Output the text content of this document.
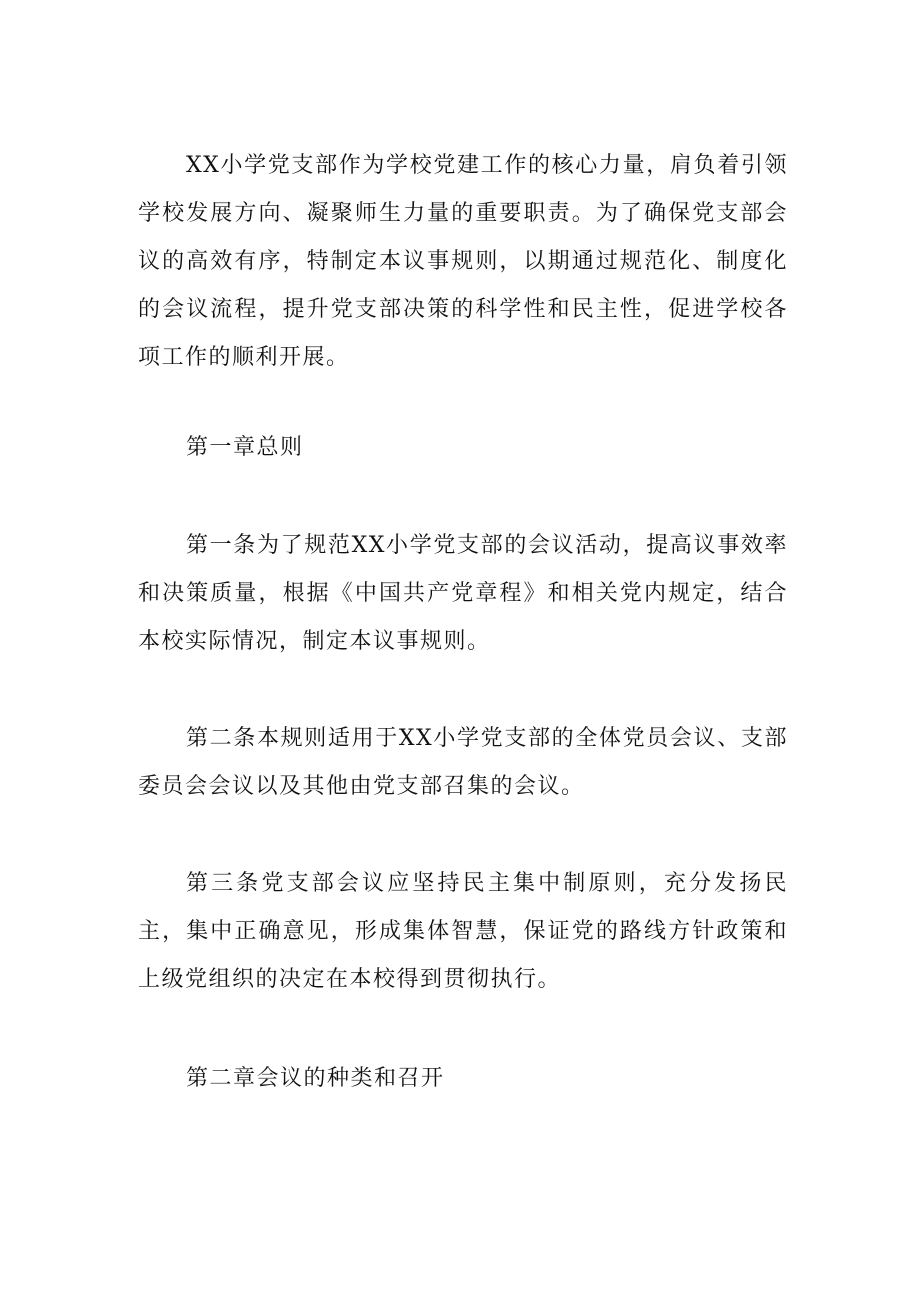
XX小学党支部作为学校党建工作的核心力量，肩负着引领学校发展方向、凝聚师生力量的重要职责。为了确保党支部会议的高效有序，特制定本议事规则，以期通过规范化、制度化的会议流程，提升党支部决策的科学性和民主性，促进学校各项工作的顺利开展。

第一章总则

第一条为了规范XX小学党支部的会议活动，提高议事效率和决策质量，根据《中国共产党章程》和相关党内规定，结合本校实际情况，制定本议事规则。

第二条本规则适用于XX小学党支部的全体党员会议、支部委员会会议以及其他由党支部召集的会议。

第三条党支部会议应坚持民主集中制原则，充分发扬民主，集中正确意见，形成集体智慧，保证党的路线方针政策和上级党组织的决定在本校得到贯彻执行。

第二章会议的种类和召开
